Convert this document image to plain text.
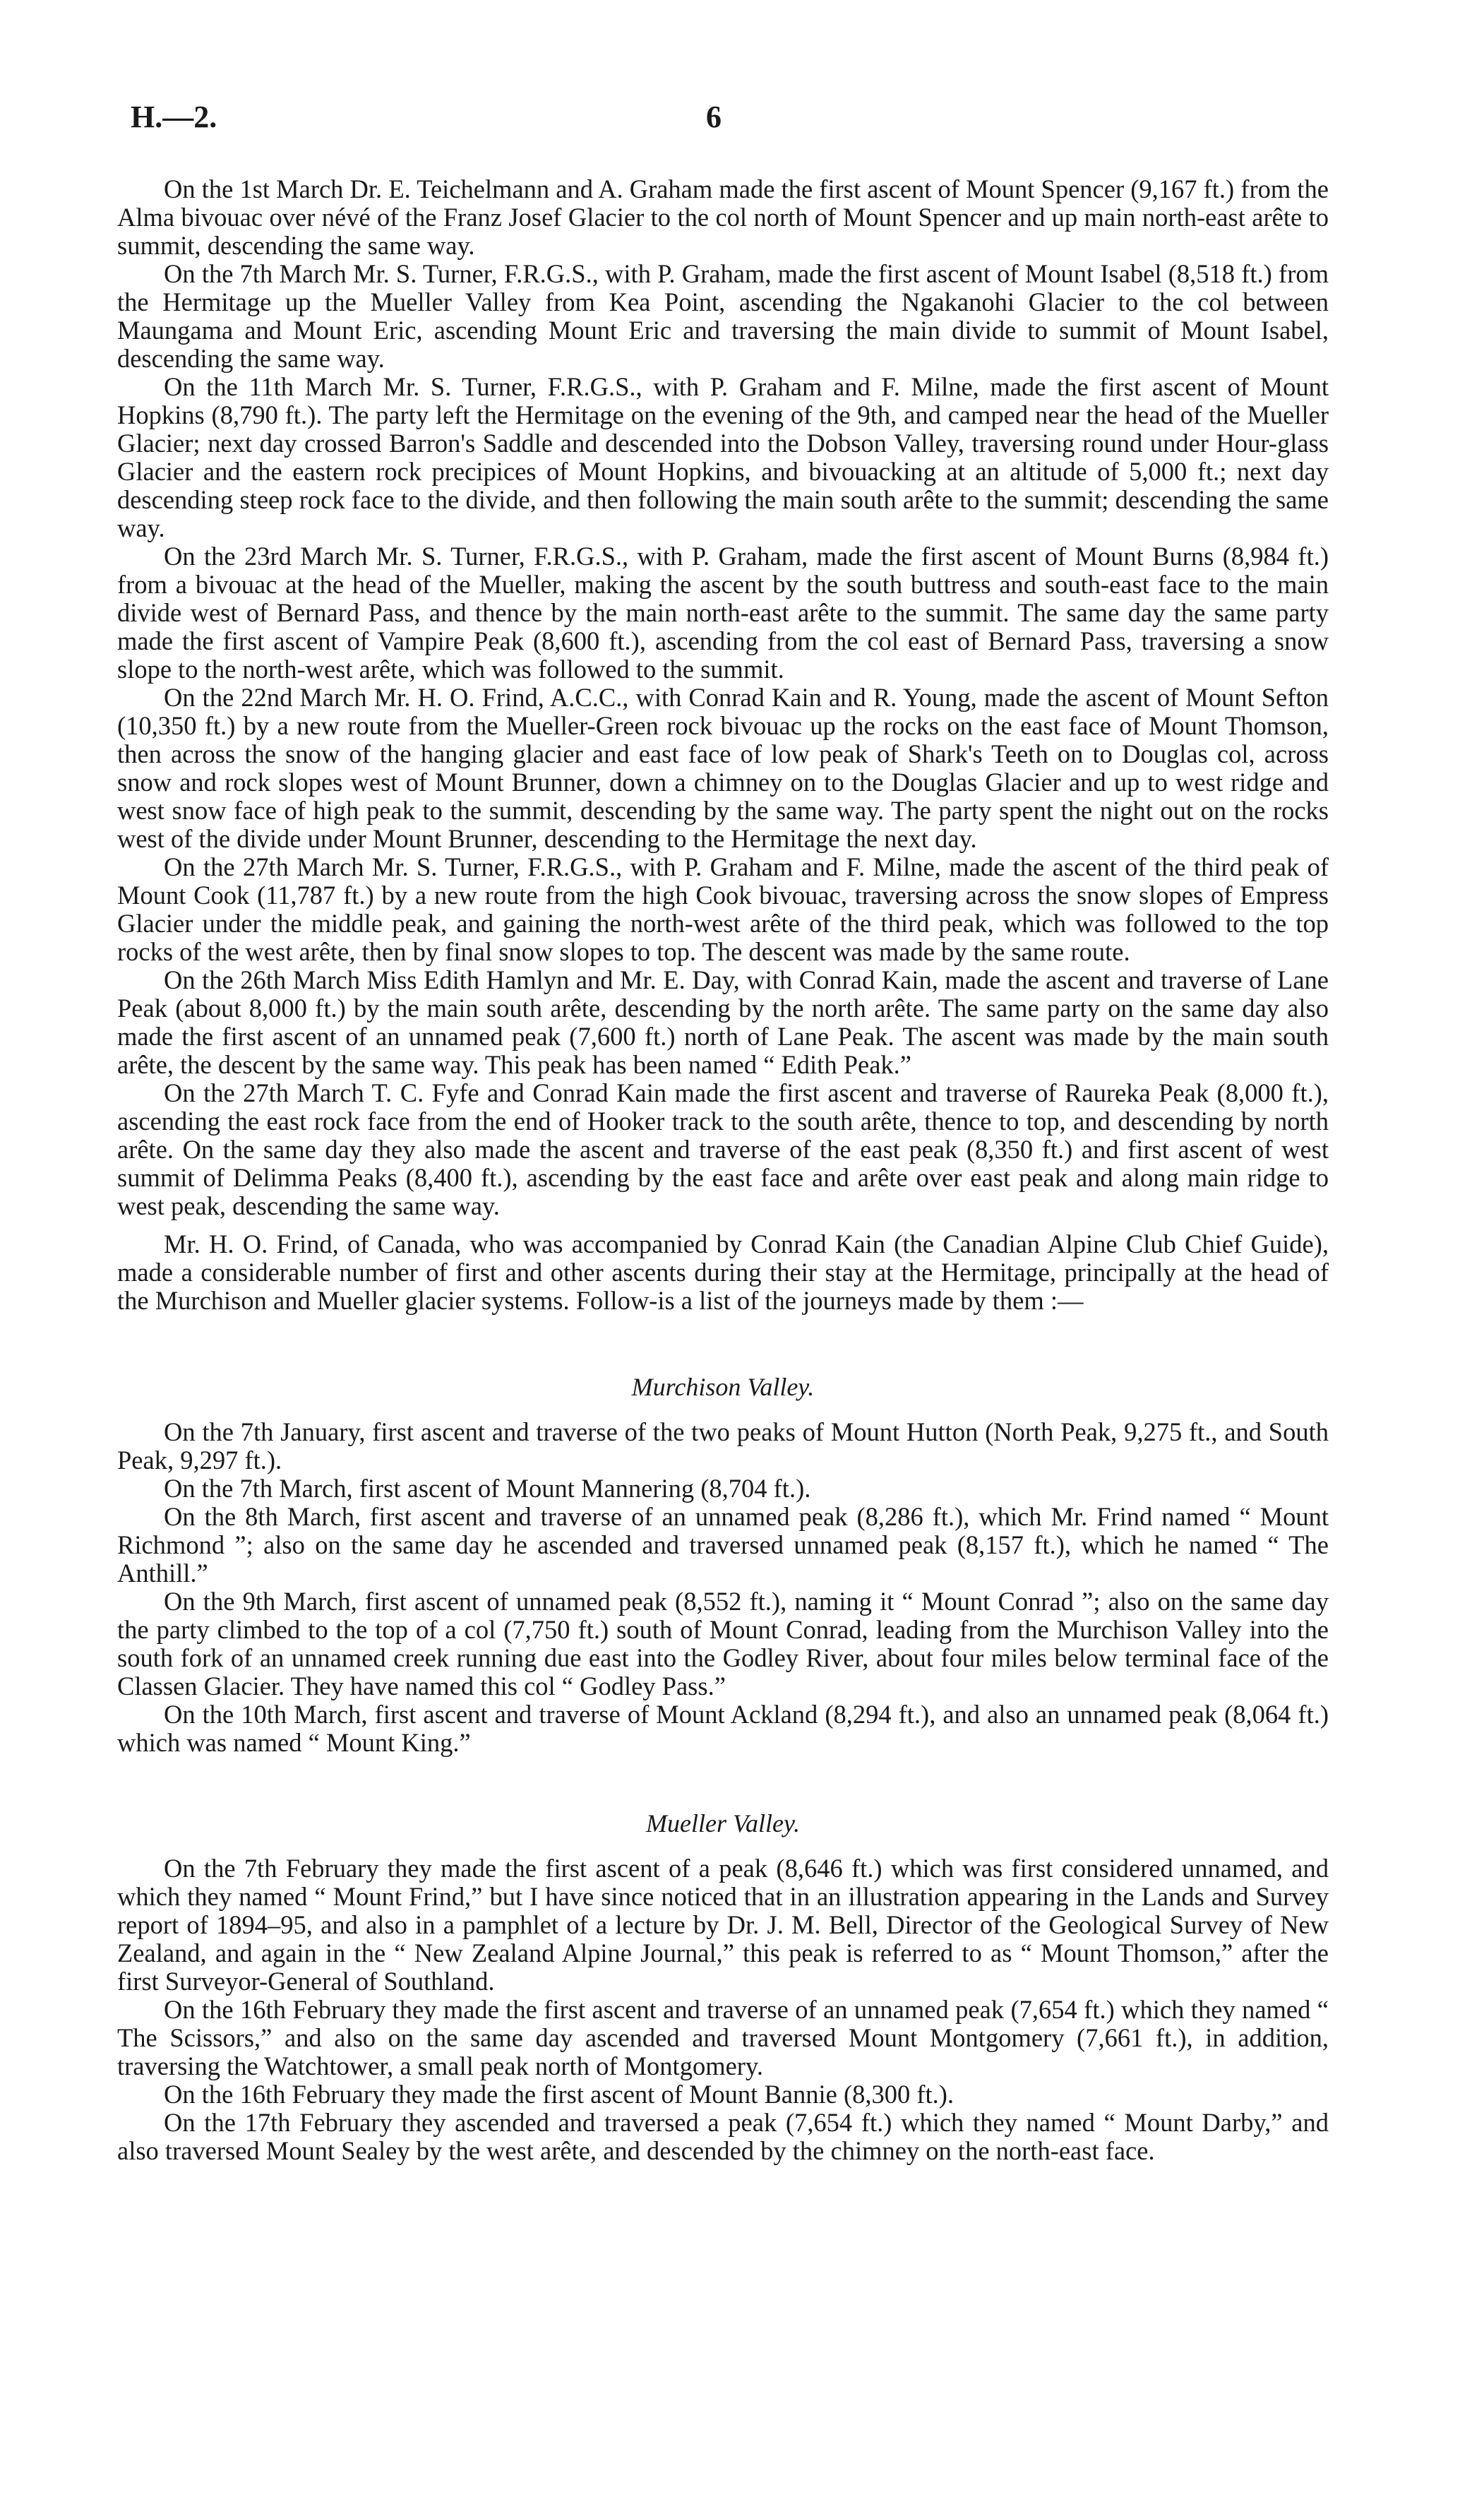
H.—2.	6

On the 1st March Dr. E. Teichelmann and A. Graham made the first ascent of Mount Spencer (9,167 ft.) from the Alma bivouac over névé of the Franz Josef Glacier to the col north of Mount Spencer and up main north-east arête to summit, descending the same way.

On the 7th March Mr. S. Turner, F.R.G.S., with P. Graham, made the first ascent of Mount Isabel (8,518 ft.) from the Hermitage up the Mueller Valley from Kea Point, ascending the Ngakanohi Glacier to the col between Maungama and Mount Eric, ascending Mount Eric and traversing the main divide to summit of Mount Isabel, descending the same way.

On the 11th March Mr. S. Turner, F.R.G.S., with P. Graham and F. Milne, made the first ascent of Mount Hopkins (8,790 ft.). The party left the Hermitage on the evening of the 9th, and camped near the head of the Mueller Glacier; next day crossed Barron's Saddle and descended into the Dobson Valley, traversing round under Hour-glass Glacier and the eastern rock precipices of Mount Hopkins, and bivouacking at an altitude of 5,000 ft.; next day descending steep rock face to the divide, and then following the main south arête to the summit; descending the same way.

On the 23rd March Mr. S. Turner, F.R.G.S., with P. Graham, made the first ascent of Mount Burns (8,984 ft.) from a bivouac at the head of the Mueller, making the ascent by the south buttress and south-east face to the main divide west of Bernard Pass, and thence by the main north-east arête to the summit. The same day the same party made the first ascent of Vampire Peak (8,600 ft.), ascending from the col east of Bernard Pass, traversing a snow slope to the north-west arête, which was followed to the summit.

On the 22nd March Mr. H. O. Frind, A.C.C., with Conrad Kain and R. Young, made the ascent of Mount Sefton (10,350 ft.) by a new route from the Mueller-Green rock bivouac up the rocks on the east face of Mount Thomson, then across the snow of the hanging glacier and east face of low peak of Shark's Teeth on to Douglas col, across snow and rock slopes west of Mount Brunner, down a chimney on to the Douglas Glacier and up to west ridge and west snow face of high peak to the summit, descending by the same way. The party spent the night out on the rocks west of the divide under Mount Brunner, descending to the Hermitage the next day.

On the 27th March Mr. S. Turner, F.R.G.S., with P. Graham and F. Milne, made the ascent of the third peak of Mount Cook (11,787 ft.) by a new route from the high Cook bivouac, traversing across the snow slopes of Empress Glacier under the middle peak, and gaining the north-west arête of the third peak, which was followed to the top rocks of the west arête, then by final snow slopes to top. The descent was made by the same route.

On the 26th March Miss Edith Hamlyn and Mr. E. Day, with Conrad Kain, made the ascent and traverse of Lane Peak (about 8,000 ft.) by the main south arête, descending by the north arête. The same party on the same day also made the first ascent of an unnamed peak (7,600 ft.) north of Lane Peak. The ascent was made by the main south arête, the descent by the same way. This peak has been named “ Edith Peak.”

On the 27th March T. C. Fyfe and Conrad Kain made the first ascent and traverse of Raureka Peak (8,000 ft.), ascending the east rock face from the end of Hooker track to the south arête, thence to top, and descending by north arête. On the same day they also made the ascent and traverse of the east peak (8,350 ft.) and first ascent of west summit of Delimma Peaks (8,400 ft.), ascending by the east face and arête over east peak and along main ridge to west peak, descending the same way.

Mr. H. O. Frind, of Canada, who was accompanied by Conrad Kain (the Canadian Alpine Club Chief Guide), made a considerable number of first and other ascents during their stay at the Hermitage, principally at the head of the Murchison and Mueller glacier systems. Follow-is a list of the journeys made by them :—

Murchison Valley.

On the 7th January, first ascent and traverse of the two peaks of Mount Hutton (North Peak, 9,275 ft., and South Peak, 9,297 ft.).

On the 7th March, first ascent of Mount Mannering (8,704 ft.).

On the 8th March, first ascent and traverse of an unnamed peak (8,286 ft.), which Mr. Frind named “ Mount Richmond ”; also on the same day he ascended and traversed unnamed peak (8,157 ft.), which he named “ The Anthill.”

On the 9th March, first ascent of unnamed peak (8,552 ft.), naming it “ Mount Conrad ”; also on the same day the party climbed to the top of a col (7,750 ft.) south of Mount Conrad, leading from the Murchison Valley into the south fork of an unnamed creek running due east into the Godley River, about four miles below terminal face of the Classen Glacier. They have named this col “ Godley Pass.”

On the 10th March, first ascent and traverse of Mount Ackland (8,294 ft.), and also an unnamed peak (8,064 ft.) which was named “ Mount King.”

Mueller Valley.

On the 7th February they made the first ascent of a peak (8,646 ft.) which was first considered unnamed, and which they named “ Mount Frind,” but I have since noticed that in an illustration appearing in the Lands and Survey report of 1894–95, and also in a pamphlet of a lecture by Dr. J. M. Bell, Director of the Geological Survey of New Zealand, and again in the “ New Zealand Alpine Journal,” this peak is referred to as “ Mount Thomson,” after the first Surveyor-General of Southland.

On the 16th February they made the first ascent and traverse of an unnamed peak (7,654 ft.) which they named “ The Scissors,” and also on the same day ascended and traversed Mount Montgomery (7,661 ft.), in addition, traversing the Watchtower, a small peak north of Montgomery.

On the 16th February they made the first ascent of Mount Bannie (8,300 ft.).

On the 17th February they ascended and traversed a peak (7,654 ft.) which they named “ Mount Darby,” and also traversed Mount Sealey by the west arête, and descended by the chimney on the north-east face.
